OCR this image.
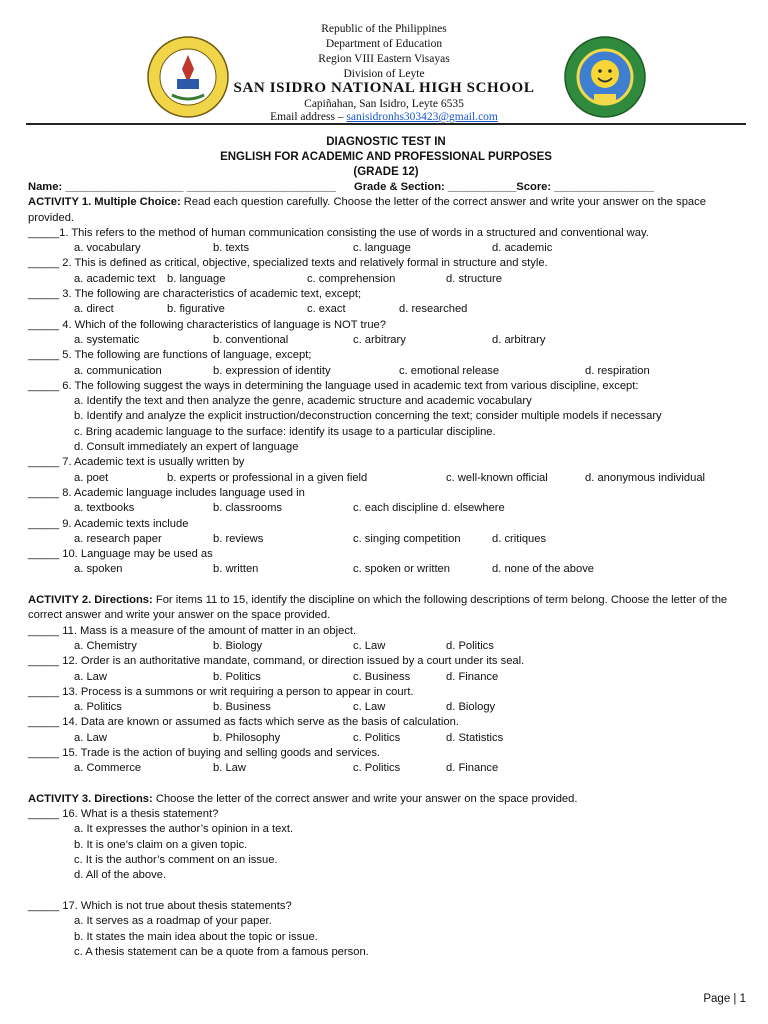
Republic of the Philippines
Department of Education
Region VIII Eastern Visayas
Division of Leyte
SAN ISIDRO NATIONAL HIGH SCHOOL
Capiñahan, San Isidro, Leyte 6535
Email address – sanisidronhs303423@gmail.com
DIAGNOSTIC TEST IN
ENGLISH FOR ACADEMIC AND PROFESSIONAL PURPOSES
(GRADE 12)
Name: ___________________ ________________________ Grade & Section: ___________Score: ________________
ACTIVITY 1. Multiple Choice: Read each question carefully. Choose the letter of the correct answer and write your answer on the space provided.
_____1. This refers to the method of human communication consisting the use of words in a structured and conventional way.
a. vocabulary	b. texts	c. language	d. academic
_____ 2. This is defined as critical, objective, specialized texts and relatively formal in structure and style.
a. academic text b. language	c. comprehension	d. structure
_____ 3. The following are characteristics of academic text, except;
a. direct	b. figurative	c. exact	d. researched
_____ 4. Which of the following characteristics of language is NOT true?
a. systematic	b. conventional	c. arbitrary	d. arbitrary
_____ 5. The following are functions of language, except;
a. communication	b. expression of identity	c. emotional release	d. respiration
_____ 6. The following suggest the ways in determining the language used in academic text from various discipline, except:
a. Identify the text and then analyze the genre, academic structure and academic vocabulary
b. Identify and analyze the explicit instruction/deconstruction concerning the text; consider multiple models if necessary
c. Bring academic language to the surface: identify its usage to a particular discipline.
d. Consult immediately an expert of language
_____ 7. Academic text is usually written by
a. poet	b. experts or professional in a given field	c. well-known official	d. anonymous individual
_____ 8. Academic language includes language used in
a. textbooks	b. classrooms	c. each discipline d. elsewhere
_____ 9. Academic texts include
a. research paper	b. reviews	c. singing competition	d. critiques
_____ 10. Language may be used as
a. spoken	b. written	c. spoken or written	d. none of the above
ACTIVITY 2. Directions: For items 11 to 15, identify the discipline on which the following descriptions of term belong. Choose the letter of the correct answer and write your answer on the space provided.
_____ 11. Mass is a measure of the amount of matter in an object.
a. Chemistry	b. Biology	c. Law	d. Politics
_____ 12. Order is an authoritative mandate, command, or direction issued by a court under its seal.
a. Law	b. Politics	c. Business	d. Finance
_____ 13. Process is a summons or writ requiring a person to appear in court.
a. Politics	b. Business	c. Law	d. Biology
_____ 14. Data are known or assumed as facts which serve as the basis of calculation.
a. Law	b. Philosophy	c. Politics	d. Statistics
_____ 15. Trade is the action of buying and selling goods and services.
a. Commerce	b. Law	c. Politics	d. Finance
ACTIVITY 3. Directions: Choose the letter of the correct answer and write your answer on the space provided.
_____ 16. What is a thesis statement?
a. It expresses the author’s opinion in a text.
b. It is one’s claim on a given topic.
c. It is the author’s comment on an issue.
d. All of the above.
_____ 17. Which is not true about thesis statements?
a. It serves as a roadmap of your paper.
b. It states the main idea about the topic or issue.
c. A thesis statement can be a quote from a famous person.
Page | 1
